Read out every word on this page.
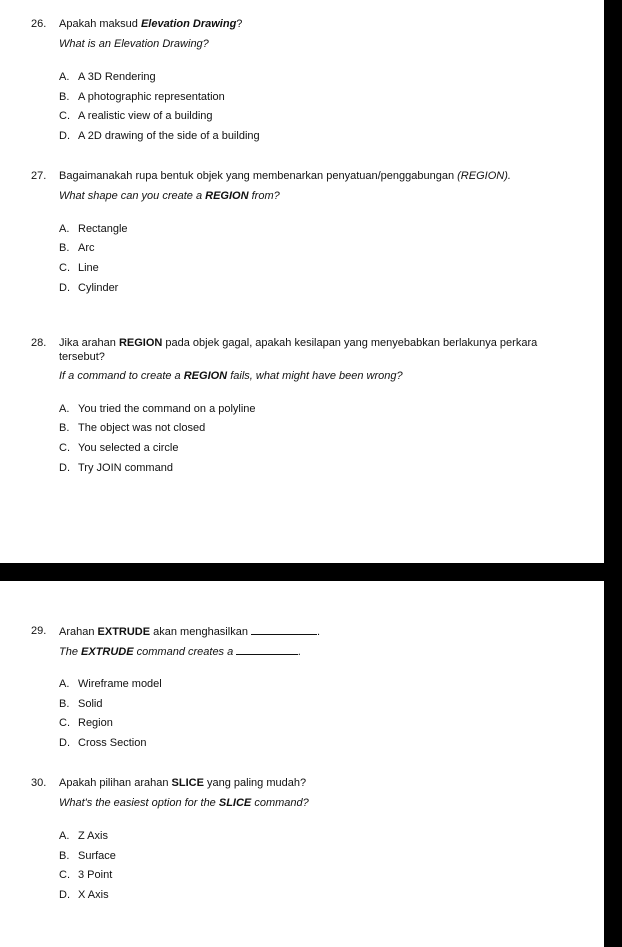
26. Apakah maksud Elevation Drawing?
What is an Elevation Drawing?
A. A 3D Rendering
B. A photographic representation
C. A realistic view of a building
D. A 2D drawing of the side of a building
27. Bagaimanakah rupa bentuk objek yang membenarkan penyatuan/penggabungan (REGION).
What shape can you create a REGION from?
A. Rectangle
B. Arc
C. Line
D. Cylinder
28. Jika arahan REGION pada objek gagal, apakah kesilapan yang menyebabkan berlakunya perkara tersebut?
If a command to create a REGION fails, what might have been wrong?
A. You tried the command on a polyline
B. The object was not closed
C. You selected a circle
D. Try JOIN command
29. Arahan EXTRUDE akan menghasilkan	.
The EXTRUDE command creates a	.
A. Wireframe model
B. Solid
C. Region
D. Cross Section
30. Apakah pilihan arahan SLICE yang paling mudah?
What's the easiest option for the SLICE command?
A. Z Axis
B. Surface
C. 3 Point
D. X Axis
